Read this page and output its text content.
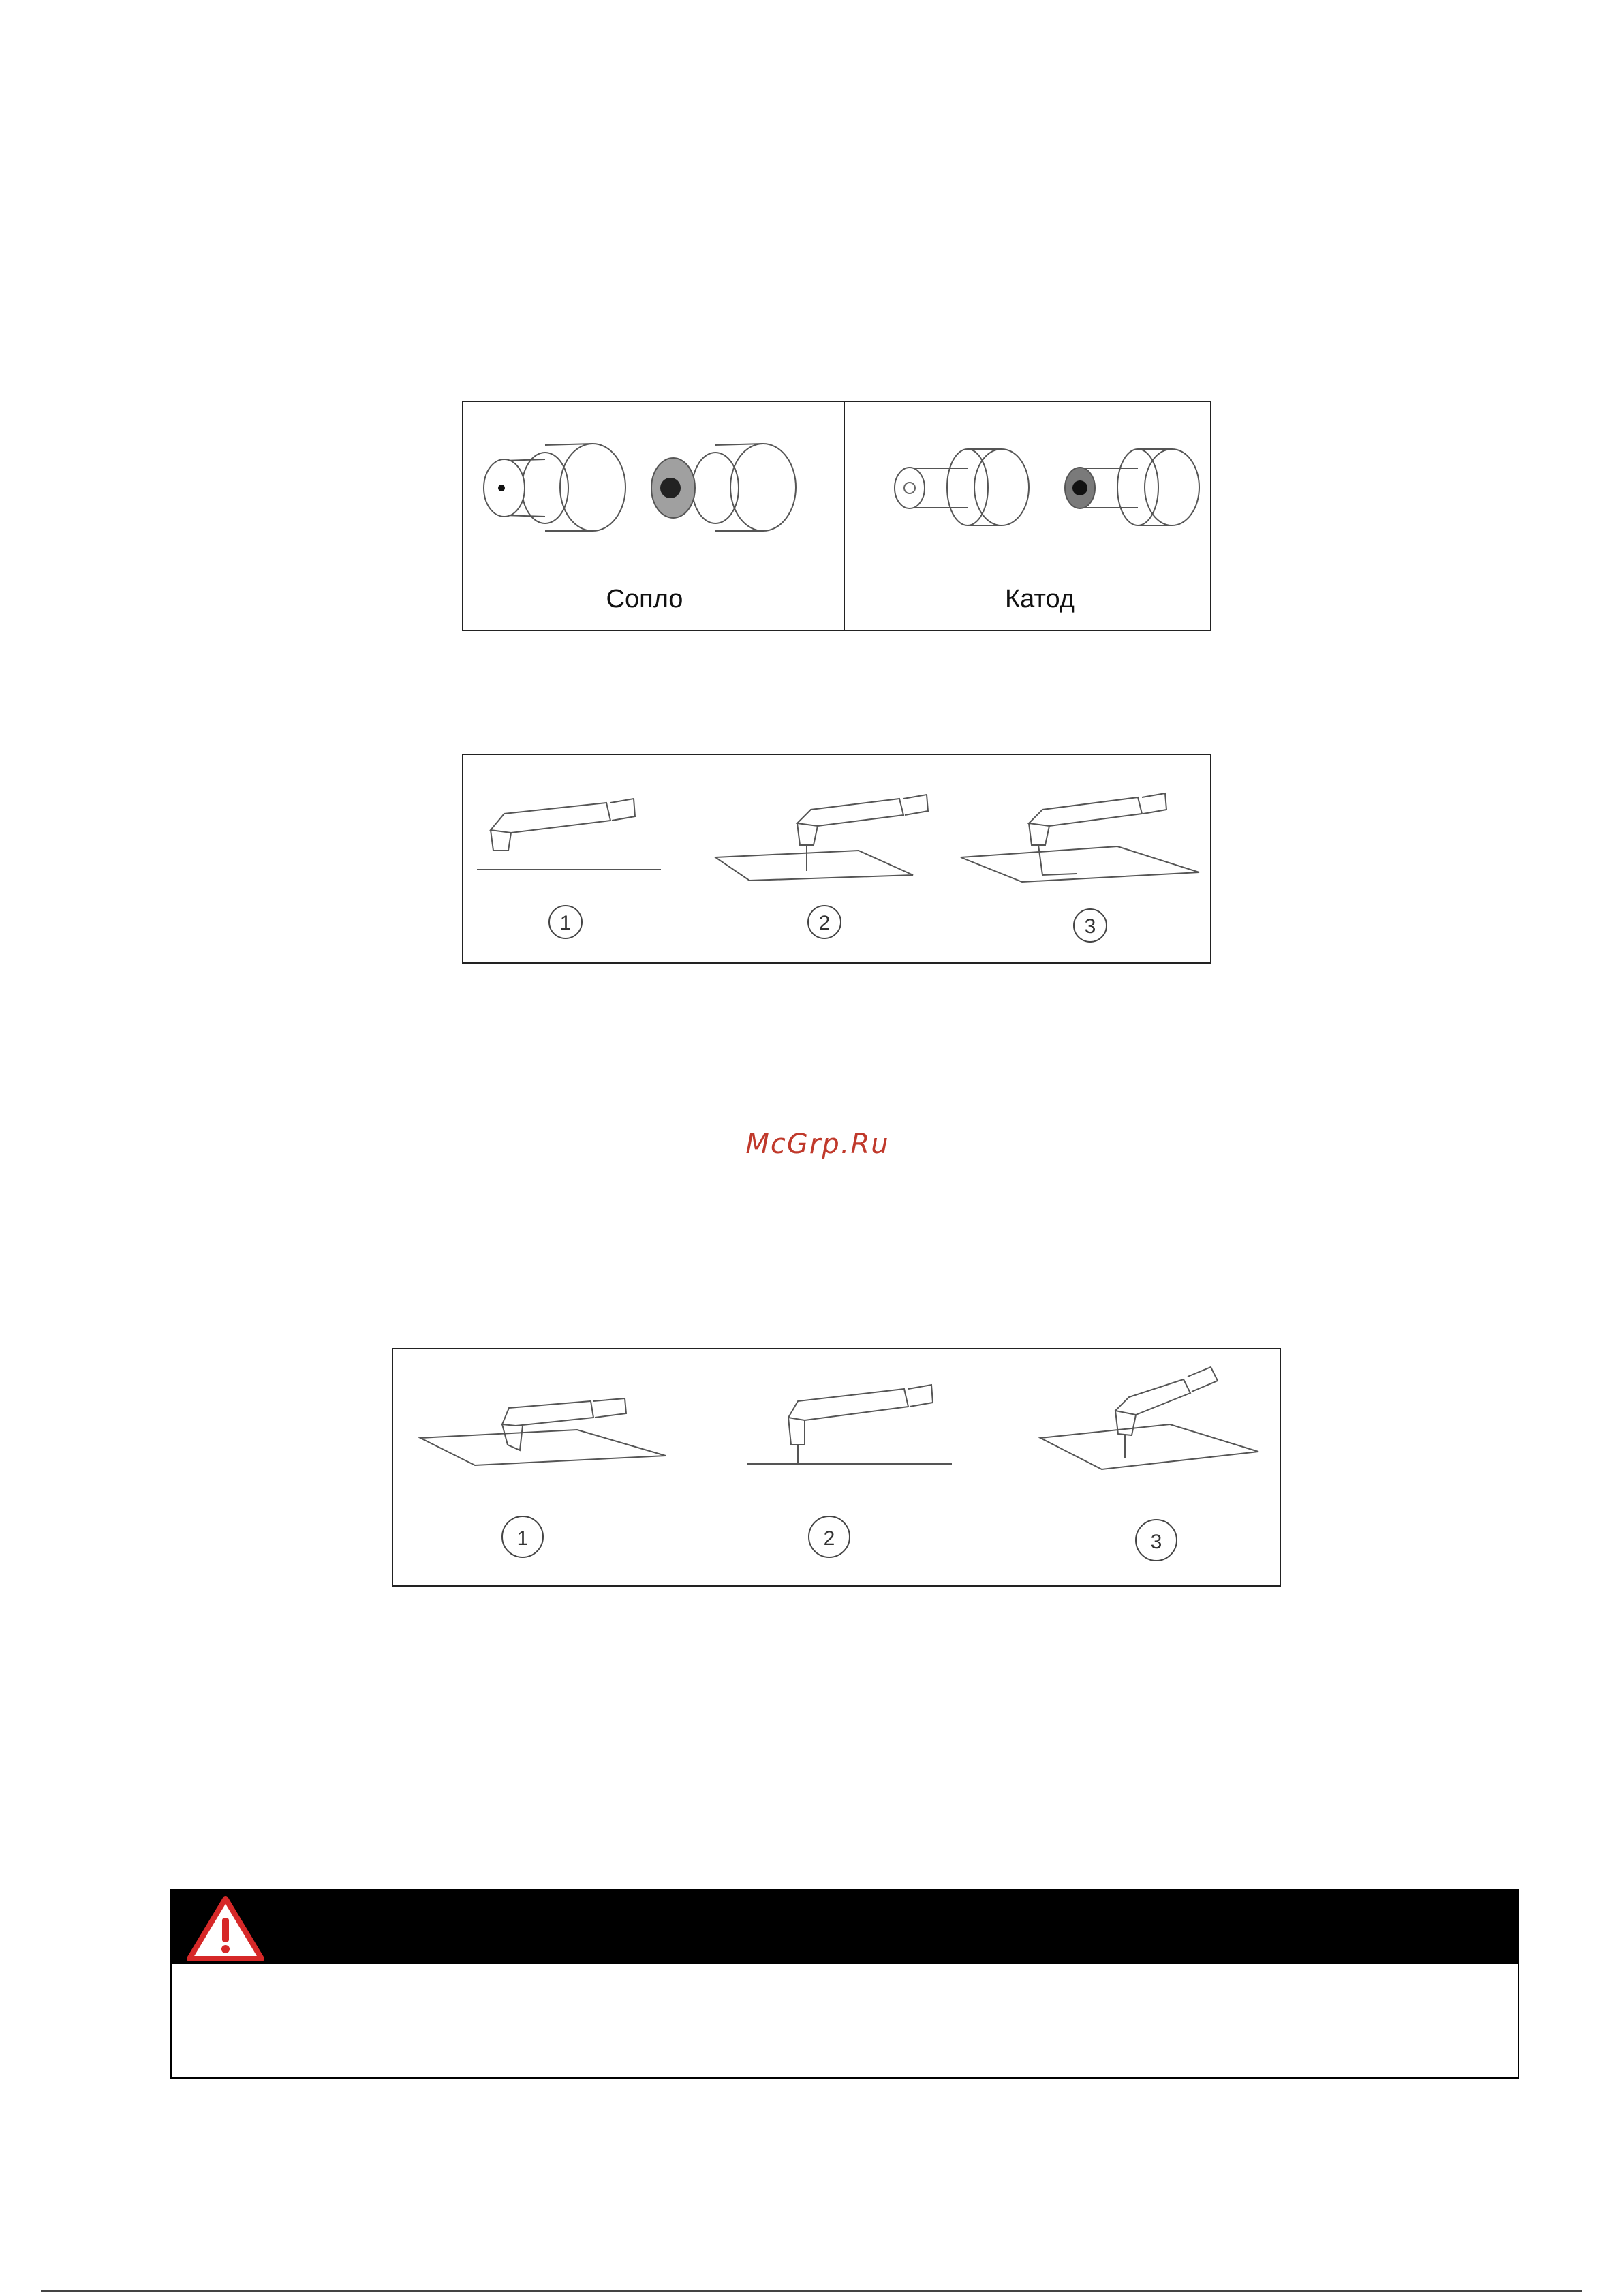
Сопло	Катод
1	2	3
McGrp.Ru
1	2	3
